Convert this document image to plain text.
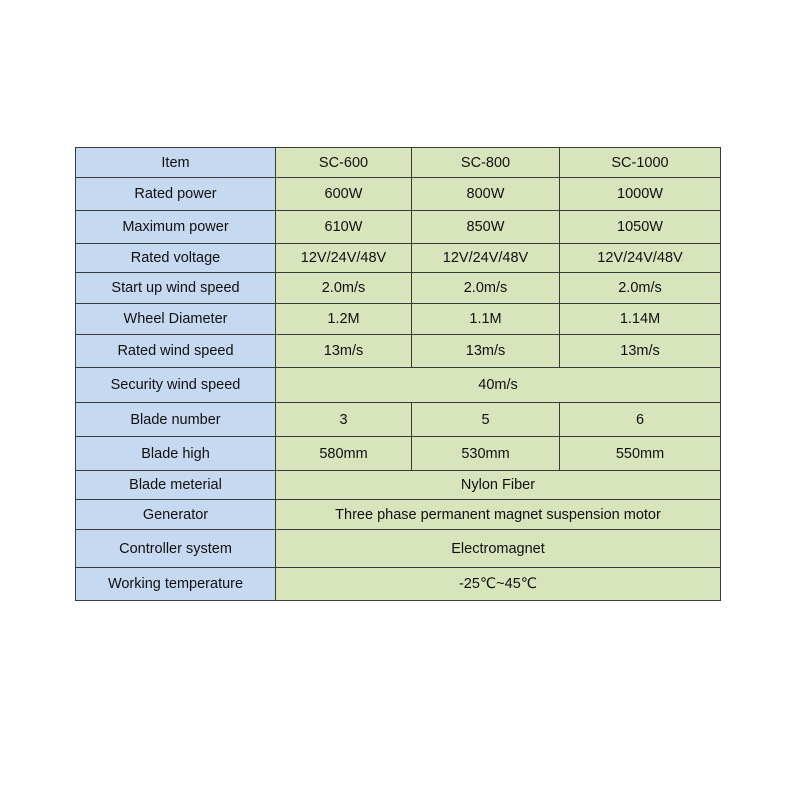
Item	SC-600	SC-800	SC-1000
Rated power	600W	800W	1000W
Maximum power	610W	850W	1050W
Rated voltage	12V/24V/48V	12V/24V/48V	12V/24V/48V
Start up wind speed	2.0m/s	2.0m/s	2.0m/s
Wheel Diameter	1.2M	1.1M	1.14M
Rated wind speed	13m/s	13m/s	13m/s
Security wind speed	40m/s		
Blade number	3	5	6
Blade high	580mm	530mm	550mm
Blade meterial	Nylon Fiber		
Generator	Three phase permanent magnet suspension motor		
Controller system	Electromagnet		
Working temperature	-25℃~45℃		
